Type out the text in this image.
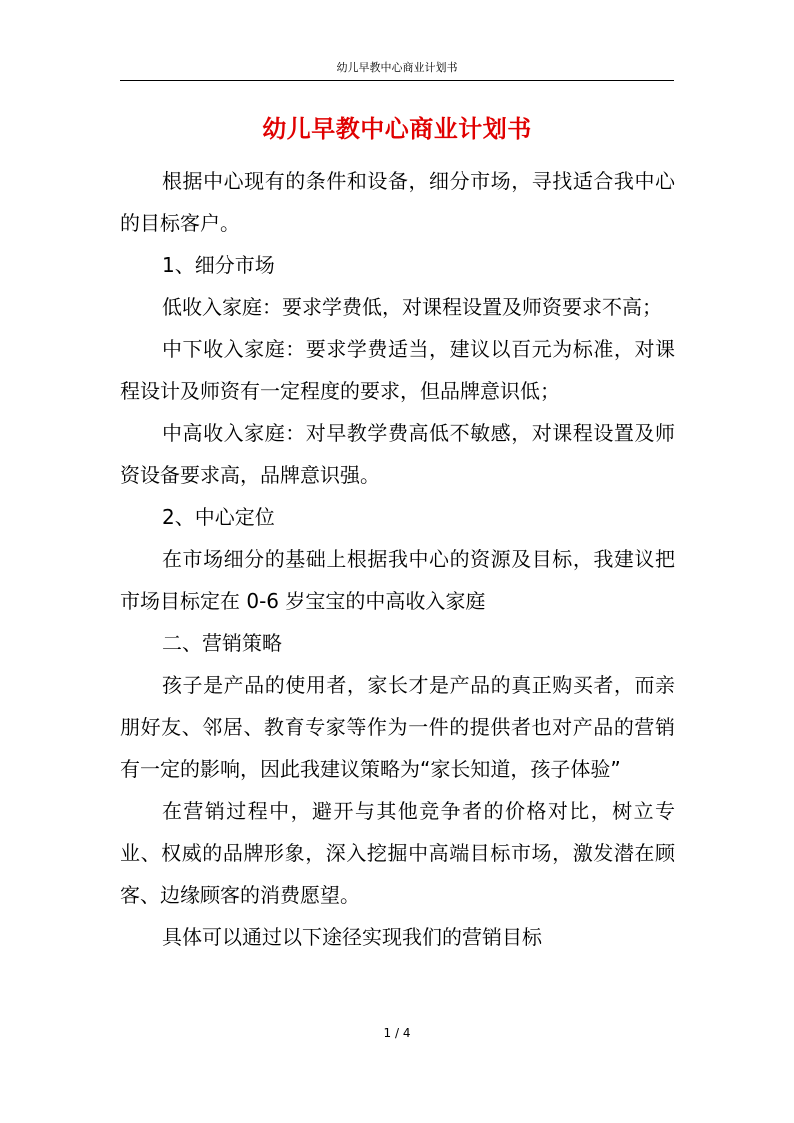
幼儿早教中心商业计划书
幼儿早教中心商业计划书

根据中心现有的条件和设备，细分市场，寻找适合我中心的目标客户。

1、细分市场

低收入家庭：要求学费低，对课程设置及师资要求不高；

中下收入家庭：要求学费适当，建议以百元为标准，对课程设计及师资有一定程度的要求，但品牌意识低；

中高收入家庭：对早教学费高低不敏感，对课程设置及师资设备要求高，品牌意识强。

2、中心定位

在市场细分的基础上根据我中心的资源及目标，我建议把市场目标定在 0-6 岁宝宝的中高收入家庭

二、营销策略

孩子是产品的使用者，家长才是产品的真正购买者，而亲朋好友、邻居、教育专家等作为一件的提供者也对产品的营销有一定的影响，因此我建议策略为“家长知道，孩子体验”

在营销过程中，避开与其他竞争者的价格对比，树立专业、权威的品牌形象，深入挖掘中高端目标市场，激发潜在顾客、边缘顾客的消费愿望。

具体可以通过以下途径实现我们的营销目标

1 / 4
